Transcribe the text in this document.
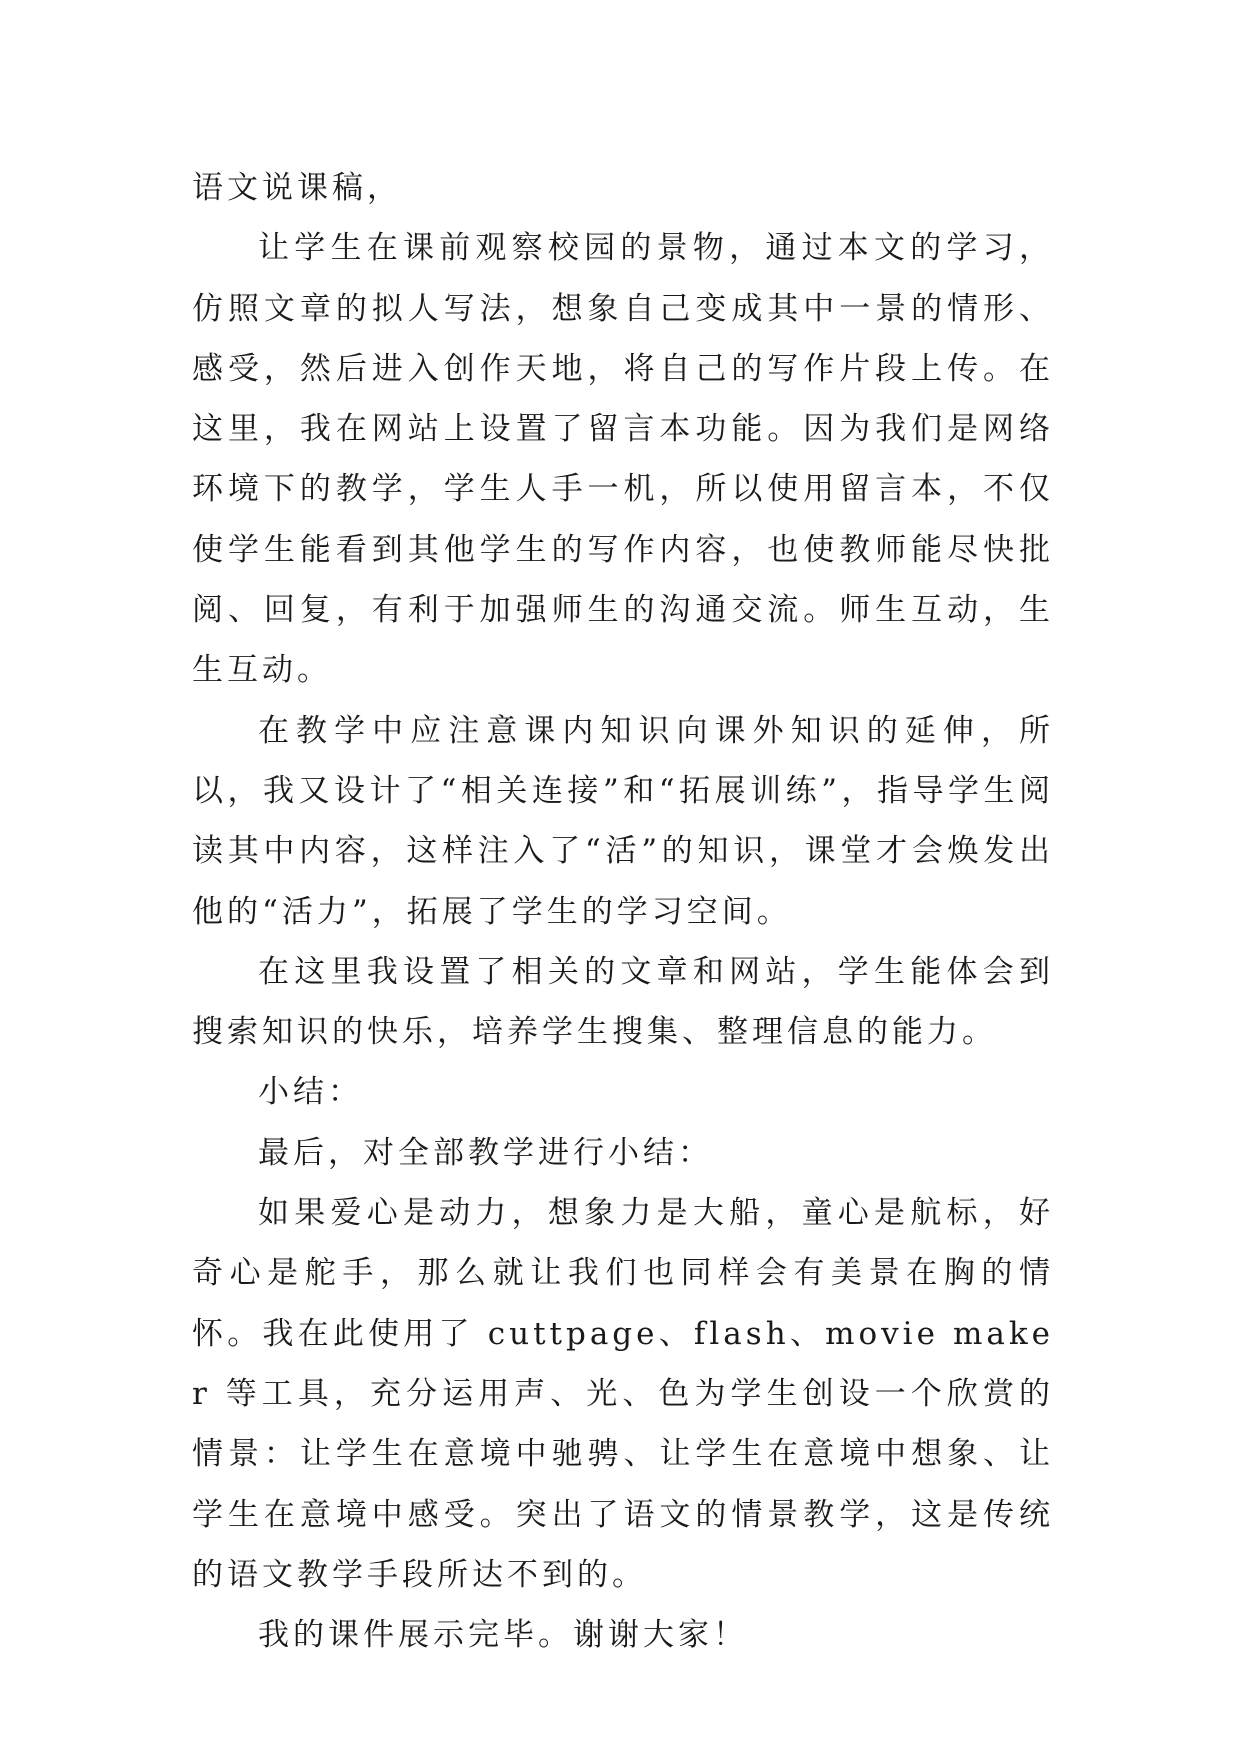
语文说课稿，

让学生在课前观察校园的景物，通过本文的学习，仿照文章的拟人写法，想象自己变成其中一景的情形、感受，然后进入创作天地，将自己的写作片段上传。在这里，我在网站上设置了留言本功能。因为我们是网络环境下的教学，学生人手一机，所以使用留言本，不仅使学生能看到其他学生的写作内容，也使教师能尽快批阅、回复，有利于加强师生的沟通交流。师生互动，生生互动。

在教学中应注意课内知识向课外知识的延伸，所以，我又设计了“相关连接”和“拓展训练”，指导学生阅读其中内容，这样注入了“活”的知识，课堂才会焕发出他的“活力”，拓展了学生的学习空间。

在这里我设置了相关的文章和网站，学生能体会到搜索知识的快乐，培养学生搜集、整理信息的能力。

小结：

最后，对全部教学进行小结：

如果爱心是动力，想象力是大船，童心是航标，好奇心是舵手，那么就让我们也同样会有美景在胸的情怀。我在此使用了 cuttpage、flash、movie maker 等工具，充分运用声、光、色为学生创设一个欣赏的情景：让学生在意境中驰骋、让学生在意境中想象、让学生在意境中感受。突出了语文的情景教学，这是传统的语文教学手段所达不到的。

我的课件展示完毕。谢谢大家！
